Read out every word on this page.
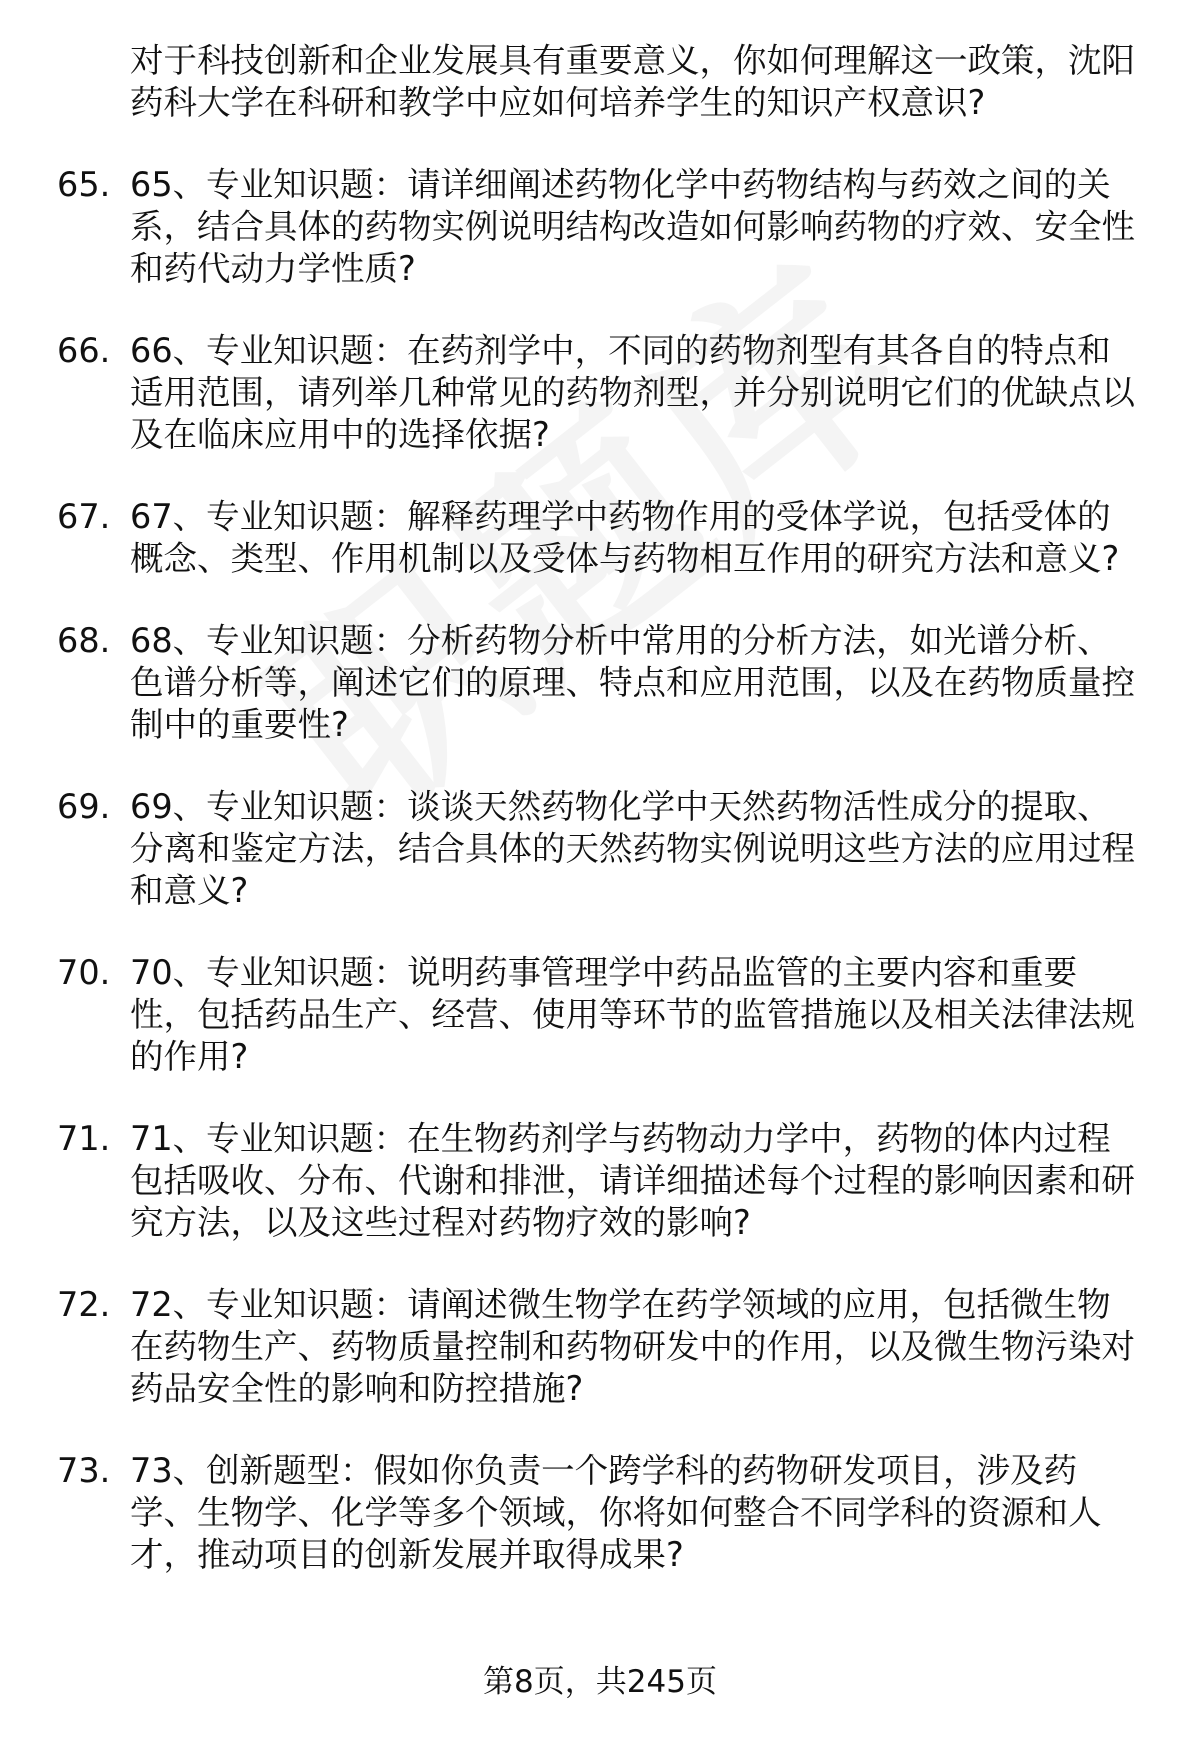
对于科技创新和企业发展具有重要意义，你如何理解这一政策，沈阳药科大学在科研和教学中应如何培养学生的知识产权意识?
65. 65、专业知识题：请详细阐述药物化学中药物结构与药效之间的关系，结合具体的药物实例说明结构改造如何影响药物的疗效、安全性和药代动力学性质?
66. 66、专业知识题：在药剂学中，不同的药物剂型有其各自的特点和适用范围，请列举几种常见的药物剂型，并分别说明它们的优缺点以及在临床应用中的选择依据?
67. 67、专业知识题：解释药理学中药物作用的受体学说，包括受体的概念、类型、作用机制以及受体与药物相互作用的研究方法和意义?
68. 68、专业知识题：分析药物分析中常用的分析方法，如光谱分析、色谱分析等，阐述它们的原理、特点和应用范围，以及在药物质量控制中的重要性?
69. 69、专业知识题：谈谈天然药物化学中天然药物活性成分的提取、分离和鉴定方法，结合具体的天然药物实例说明这些方法的应用过程和意义?
70. 70、专业知识题：说明药事管理学中药品监管的主要内容和重要性，包括药品生产、经营、使用等环节的监管措施以及相关法律法规的作用?
71. 71、专业知识题：在生物药剂学与药物动力学中，药物的体内过程包括吸收、分布、代谢和排泄，请详细描述每个过程的影响因素和研究方法，以及这些过程对药物疗效的影响?
72. 72、专业知识题：请阐述微生物学在药学领域的应用，包括微生物在药物生产、药物质量控制和药物研发中的作用，以及微生物污染对药品安全性的影响和防控措施?
73. 73、创新题型：假如你负责一个跨学科的药物研发项目，涉及药学、生物学、化学等多个领域，你将如何整合不同学科的资源和人才，推动项目的创新发展并取得成果?
第8页，共245页
